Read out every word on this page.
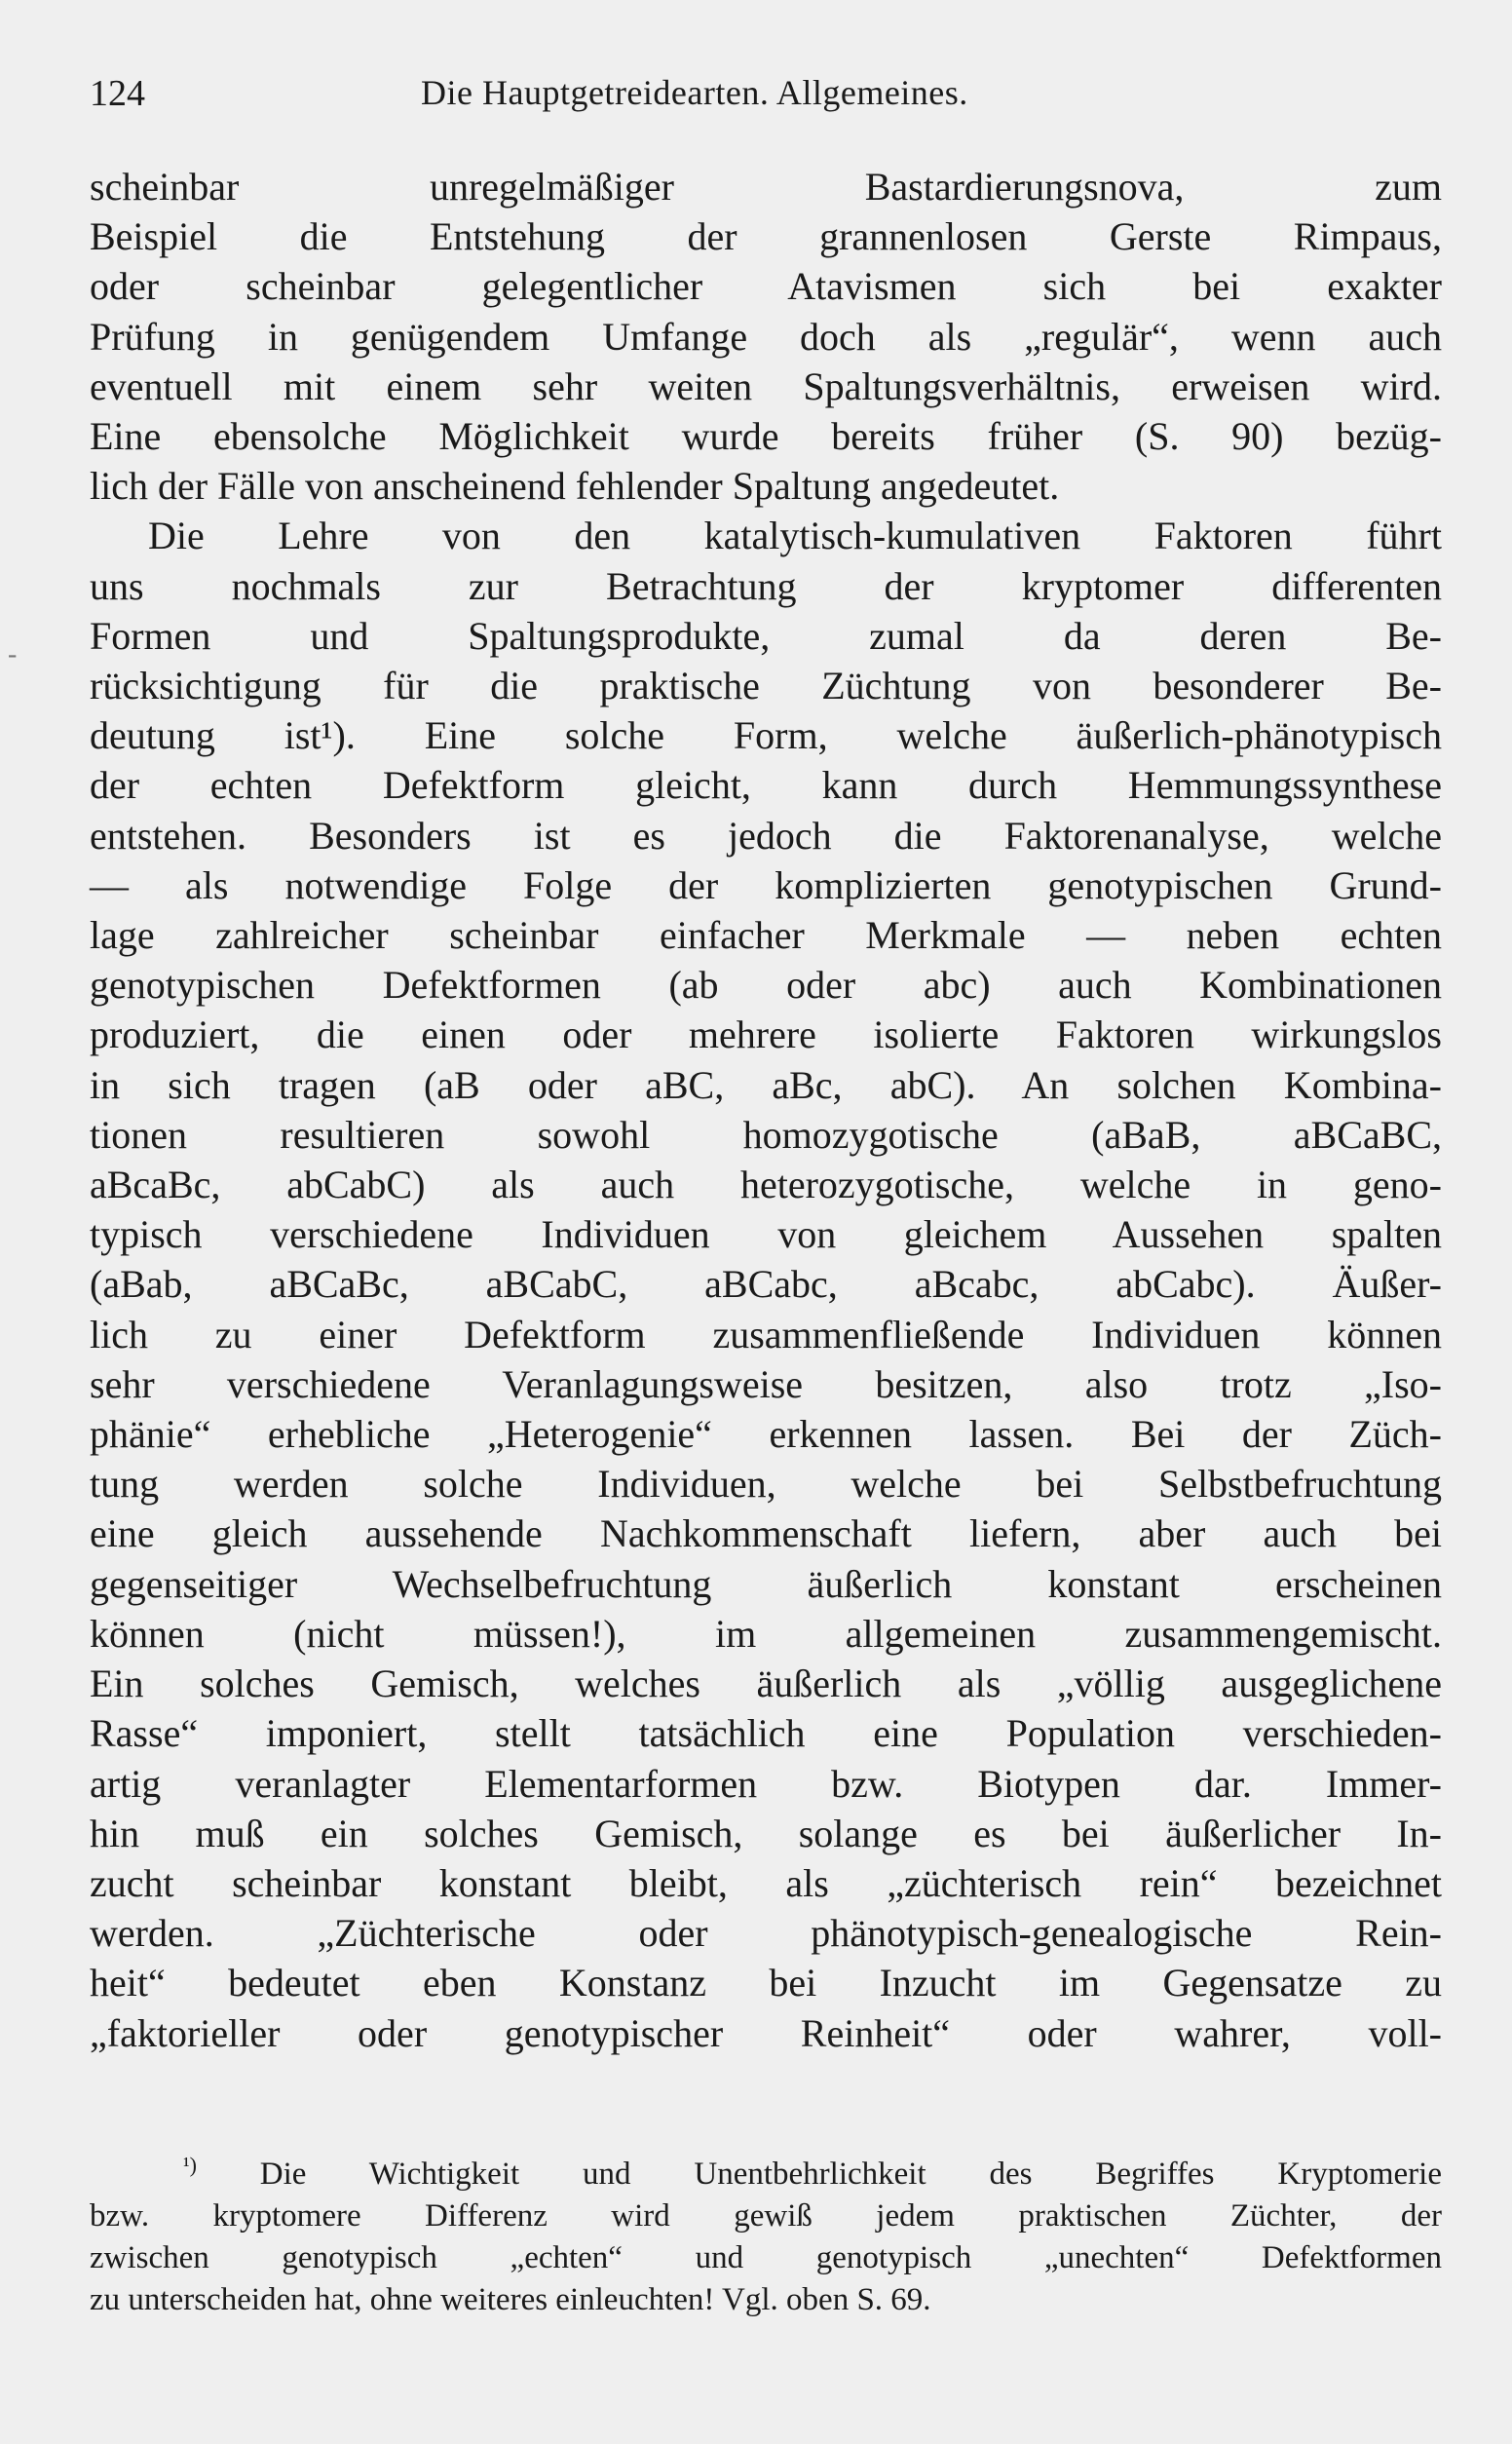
124	Die Hauptgetreidearten. Allgemeines.
-
scheinbar unregelmäßiger Bastardierungsnova, zum
Beispiel die Entstehung der grannenlosen Gerste Rimpaus,
oder scheinbar gelegentlicher Atavismen sich bei exakter
Prüfung in genügendem Umfange doch als „regulär“, wenn auch
eventuell mit einem sehr weiten Spaltungsverhältnis, erweisen wird.
Eine ebensolche Möglichkeit wurde bereits früher (S. 90) bezüg-
lich der Fälle von anscheinend fehlender Spaltung angedeutet.
Die Lehre von den katalytisch-kumulativen Faktoren führt
uns nochmals zur Betrachtung der kryptomer differenten
Formen und Spaltungsprodukte, zumal da deren Be-
rücksichtigung für die praktische Züchtung von besonderer Be-
deutung ist¹). Eine solche Form, welche äußerlich-phänotypisch
der echten Defektform gleicht, kann durch Hemmungssynthese
entstehen. Besonders ist es jedoch die Faktorenanalyse, welche
— als notwendige Folge der komplizierten genotypischen Grund-
lage zahlreicher scheinbar einfacher Merkmale — neben echten
genotypischen Defektformen (ab oder abc) auch Kombinationen
produziert, die einen oder mehrere isolierte Faktoren wirkungslos
in sich tragen (aB oder aBC, aBc, abC). An solchen Kombina-
tionen resultieren sowohl homozygotische (aBaB, aBCaBC,
aBcaBc, abCabC) als auch heterozygotische, welche in geno-
typisch verschiedene Individuen von gleichem Aussehen spalten
(aBab, aBCaBc, aBCabC, aBCabc, aBcabc, abCabc). Äußer-
lich zu einer Defektform zusammenfließende Individuen können
sehr verschiedene Veranlagungsweise besitzen, also trotz „Iso-
phänie“ erhebliche „Heterogenie“ erkennen lassen. Bei der Züch-
tung werden solche Individuen, welche bei Selbstbefruchtung
eine gleich aussehende Nachkommenschaft liefern, aber auch bei
gegenseitiger Wechselbefruchtung äußerlich konstant erscheinen
können (nicht müssen!), im allgemeinen zusammengemischt.
Ein solches Gemisch, welches äußerlich als „völlig ausgeglichene
Rasse“ imponiert, stellt tatsächlich eine Population verschieden-
artig veranlagter Elementarformen bzw. Biotypen dar. Immer-
hin muß ein solches Gemisch, solange es bei äußerlicher In-
zucht scheinbar konstant bleibt, als „züchterisch rein“ bezeichnet
werden. „Züchterische oder phänotypisch-genealogische Rein-
heit“ bedeutet eben Konstanz bei Inzucht im Gegensatze zu
„faktorieller oder genotypischer Reinheit“ oder wahrer, voll-
$^{^1)}$ Die Wichtigkeit und Unentbehrlichkeit des Begriffes Kryptomerie
bzw. kryptomere Differenz wird gewiß jedem praktischen Züchter, der
zwischen genotypisch „echten“ und genotypisch „unechten“ Defektformen
zu unterscheiden hat, ohne weiteres einleuchten! Vgl. oben S. 69.
